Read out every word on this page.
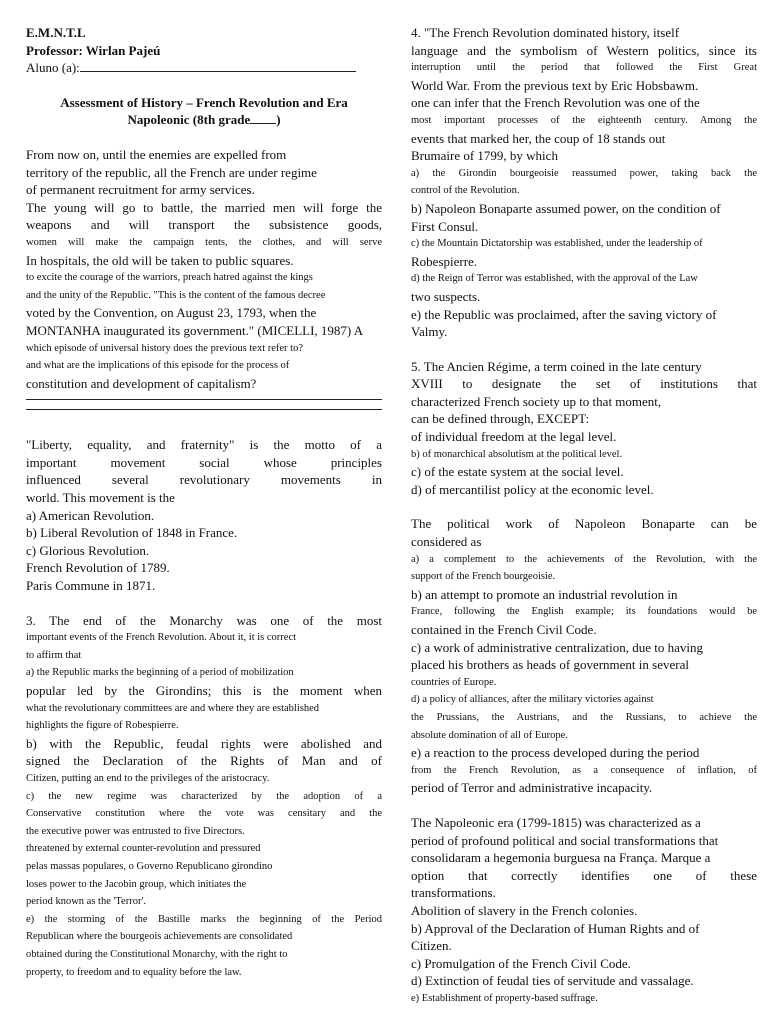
E.M.N.T.L
Professor: Wirlan Pajeú
Aluno (a):
Assessment of History – French Revolution and Era
Napoleonic (8th grade )
From now on, until the enemies are expelled from
territory of the republic, all the French are under regime
of permanent recruitment for army services.
The young will go to battle, the married men will forge the
weapons and will transport the subsistence goods,
women will make the campaign tents, the clothes, and will serve
In hospitals, the old will be taken to public squares.
to excite the courage of the warriors, preach hatred against the kings
and the unity of the Republic. "This is the content of the famous decree
voted by the Convention, on August 23, 1793, when the
MONTANHA inaugurated its government." (MICELLI, 1987) A
which episode of universal history does the previous text refer to?
and what are the implications of this episode for the process of
constitution and development of capitalism?
"Liberty, equality, and fraternity" is the motto of a
important movement social whose principles
influenced several revolutionary movements in
world. This movement is the
a) American Revolution.
b) Liberal Revolution of 1848 in France.
c) Glorious Revolution.
French Revolution of 1789.
Paris Commune in 1871.
3. The end of the Monarchy was one of the most
important events of the French Revolution. About it, it is correct
to affirm that
a) the Republic marks the beginning of a period of mobilization
popular led by the Girondins; this is the moment when
what the revolutionary committees are and where they are established
highlights the figure of Robespierre.
b) with the Republic, feudal rights were abolished and
signed the Declaration of the Rights of Man and of
Citizen, putting an end to the privileges of the aristocracy.
c) the new regime was characterized by the adoption of a
Conservative constitution where the vote was censitary and the
the executive power was entrusted to five Directors.
threatened by external counter-revolution and pressured
pelas massas populares, o Governo Republicano girondino
loses power to the Jacobin group, which initiates the
period known as the 'Terror'.
e) the storming of the Bastille marks the beginning of the Period
Republican where the bourgeois achievements are consolidated
obtained during the Constitutional Monarchy, with the right to
property, to freedom and to equality before the law.
4. "The French Revolution dominated history, itself
language and the symbolism of Western politics, since its
interruption until the period that followed the First Great
World War. From the previous text by Eric Hobsbawm.
one can infer that the French Revolution was one of the
most important processes of the eighteenth century. Among the
events that marked her, the coup of 18 stands out
Brumaire of 1799, by which
a) the Girondin bourgeoisie reassumed power, taking back the
control of the Revolution.
b) Napoleon Bonaparte assumed power, on the condition of
First Consul.
c) the Mountain Dictatorship was established, under the leadership of
Robespierre.
d) the Reign of Terror was established, with the approval of the Law
two suspects.
e) the Republic was proclaimed, after the saving victory of
Valmy.
5. The Ancien Régime, a term coined in the late century
XVIII to designate the set of institutions that
characterized French society up to that moment,
can be defined through, EXCEPT:
of individual freedom at the legal level.
b) of monarchical absolutism at the political level.
c) of the estate system at the social level.
d) of mercantilist policy at the economic level.
The political work of Napoleon Bonaparte can be
considered as
a) a complement to the achievements of the Revolution, with the
support of the French bourgeoisie.
b) an attempt to promote an industrial revolution in
France, following the English example; its foundations would be
contained in the French Civil Code.
c) a work of administrative centralization, due to having
placed his brothers as heads of government in several
countries of Europe.
d) a policy of alliances, after the military victories against
the Prussians, the Austrians, and the Russians, to achieve the
absolute domination of all of Europe.
e) a reaction to the process developed during the period
from the French Revolution, as a consequence of inflation, of
period of Terror and administrative incapacity.
The Napoleonic era (1799-1815) was characterized as a
period of profound political and social transformations that
consolidaram a hegemonia burguesa na França. Marque a
option that correctly identifies one of these
transformations.
Abolition of slavery in the French colonies.
b) Approval of the Declaration of Human Rights and of
Citizen.
c) Promulgation of the French Civil Code.
d) Extinction of feudal ties of servitude and vassalage.
e) Establishment of property-based suffrage.
